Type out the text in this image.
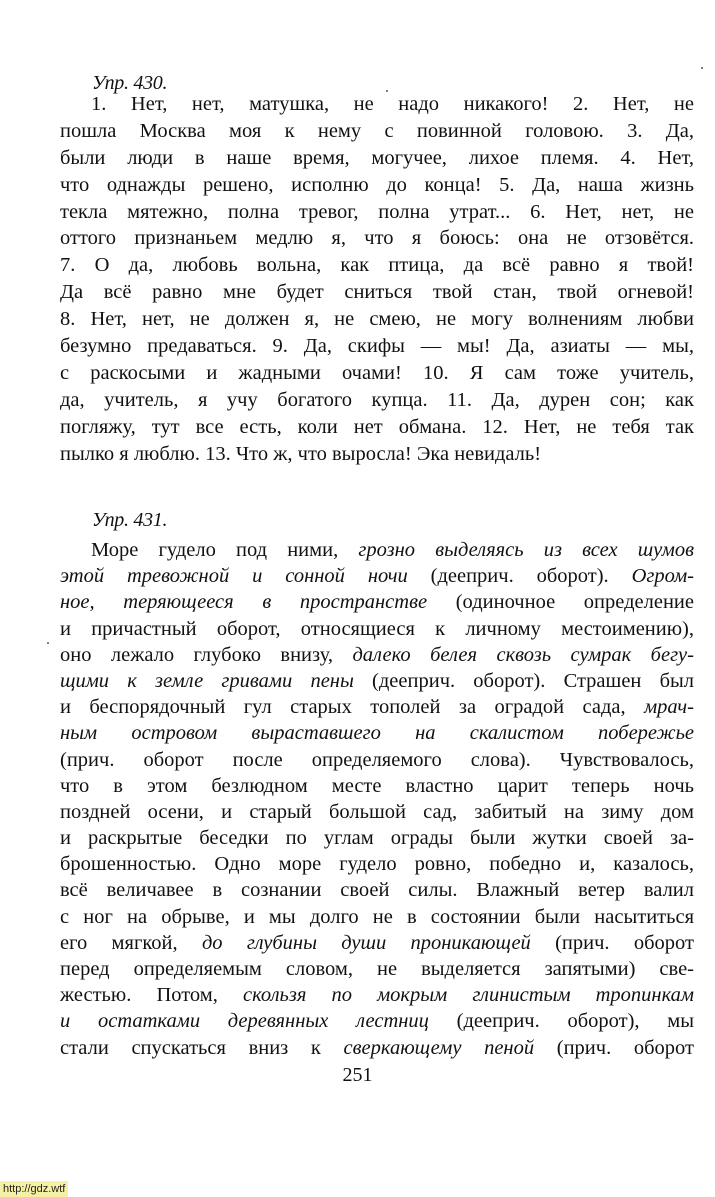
Упр. 430.
1. Нет, нет, матушка, не надо никакого! 2. Нет, не
пошла Москва моя к нему с повинной головою. 3. Да,
были люди в наше время, могучее, лихое племя. 4. Нет,
что однажды решено, исполню до конца! 5. Да, наша жизнь
текла мятежно, полна тревог, полна утрат... 6. Нет, нет, не
оттого признаньем медлю я, что я боюсь: она не отзовётся.
7. О да, любовь вольна, как птица, да всё равно я твой!
Да всё равно мне будет сниться твой стан, твой огневой!
8. Нет, нет, не должен я, не смею, не могу волнениям любви
безумно предаваться. 9. Да, скифы — мы! Да, азиаты — мы,
с раскосыми и жадными очами! 10. Я сам тоже учитель,
да, учитель, я учу богатого купца. 11. Да, дурен сон; как
погляжу, тут все есть, коли нет обмана. 12. Нет, не тебя так
пылко я люблю. 13. Что ж, что выросла! Эка невидаль!
Упр. 431.
Море гудело под ними, грозно выделяясь из всех шумов
этой тревожной и сонной ночи (дееприч. оборот). Огром-
ное, теряющееся в пространстве (одиночное определение
и причастный оборот, относящиеся к личному местоимению),
оно лежало глубоко внизу, далеко белея сквозь сумрак бегу-
щими к земле гривами пены (дееприч. оборот). Страшен был
и беспорядочный гул старых тополей за оградой сада, мрач-
ным островом выраставшего на скалистом побережье
(прич. оборот после определяемого слова). Чувствовалось,
что в этом безлюдном месте властно царит теперь ночь
поздней осени, и старый большой сад, забитый на зиму дом
и раскрытые беседки по углам ограды были жутки своей за-
брошенностью. Одно море гудело ровно, победно и, казалось,
всё величавее в сознании своей силы. Влажный ветер валил
с ног на обрыве, и мы долго не в состоянии были насытиться
его мягкой, до глубины души проникающей (прич. оборот
перед определяемым словом, не выделяется запятыми) све-
жестью. Потом, скользя по мокрым глинистым тропинкам
и остатками деревянных лестниц (дееприч. оборот), мы
стали спускаться вниз к сверкающему пеной (прич. оборот
251
http://gdz.wtf
